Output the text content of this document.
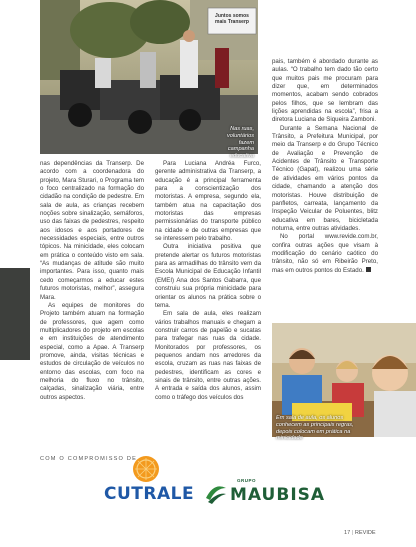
Juntos somos mais Transerp
Nas ruas, voluntários fazem campanha educativa

nas dependências da Transerp. De acordo com a coordenadora do projeto, Mara Sturari, o Programa tem o foco centralizado na formação do cidadão na condição de pedestre. Em sala de aula, as crianças recebem noções sobre sinalização, semáforos, uso das faixas de pedestres, respeito aos idosos e aos portadores de necessidades especiais, entre outros tópicos. Na minicidade, eles colocam em prática o conteúdo visto em sala. “As mudanças de atitude são muito importantes. Para isso, quanto mais cedo começarmos a educar estes futuros motoristas, melhor”, assegura Mara.

As equipes de monitores do Projeto também atuam na formação de professores, que agem como multiplicadores do projeto em escolas e em instituições de atendimento especial, como a Apae. A Transerp promove, ainda, visitas técnicas e estudos de circulação de veículos no entorno das escolas, com foco na melhoria do fluxo no trânsito, calçadas, sinalização viária, entre outros aspectos.

Para Luciana Andréa Furco, gerente administrativa da Transerp, a educação é a principal ferramenta para a conscientização dos motoristas. A empresa, segundo ela, também atua na capacitação dos motoristas das empresas permissionárias do transporte público na cidade e de outras empresas que se interessem pelo trabalho.

Outra iniciativa positiva que pretende alertar os futuros motoristas para as armadilhas do trânsito vem da Escola Municipal de Educação Infantil (EMEI) Ana dos Santos Gabarra, que construiu sua própria minicidade para orientar os alunos na prática sobre o tema.

Em sala de aula, eles realizam vários trabalhos manuais e chegam a construir carros de papelão e sucatas para trafegar nas ruas da cidade. Monitorados por professores, os pequenos andam nos arredores da escola, cruzam as ruas nas faixas de pedestres, identificam as cores e sinais de trânsito, entre outras ações. A entrada e saída dos alunos, assim como o tráfego dos veículos dos

pais, também é abordado durante as aulas. “O trabalho tem dado tão certo que muitos pais me procuram para dizer que, em determinados momentos, acabam sendo cobrados pelos filhos, que se lembram das lições aprendidas na escola”, frisa a diretora Luciana de Siqueira Zamboni.

Durante a Semana Nacional de Trânsito, a Prefeitura Municipal, por meio da Transerp e do Grupo Técnico de Avaliação e Prevenção de Acidentes de Trânsito e Transporte Técnico (Gapat), realizou uma série de atividades em vários pontos da cidade, chamando a atenção dos motoristas. Houve distribuição de panfletos, carreata, lançamento da Inspeção Veicular de Poluentes, blitz educativa em bares, bicicletada noturna, entre outras atividades.

No portal www.revide.com.br, confira outras ações que visam à modificação do cenário caótico do trânsito, não só em Ribeirão Preto, mas em outros pontos do Estado.

Em sala de aula, os alunos conhecem as principais regras, depois colocam em prática na minicidade
COM O COMPROMISSO DE
CUTRALE
GRUPO
MAUBISA
17 | REVIDE
